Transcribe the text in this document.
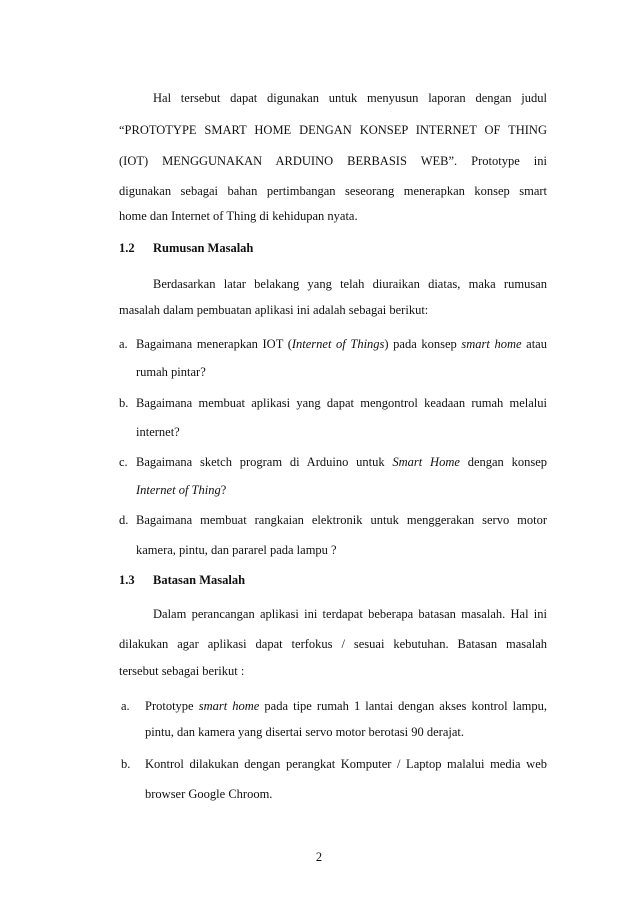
Hal tersebut dapat digunakan untuk menyusun laporan dengan judul
“PROTOTYPE SMART HOME DENGAN KONSEP INTERNET OF THING
(IOT) MENGGUNAKAN ARDUINO BERBASIS WEB”. Prototype ini
digunakan sebagai bahan pertimbangan seseorang menerapkan konsep smart
home dan Internet of Thing di kehidupan nyata.
1.2 Rumusan Masalah
Berdasarkan latar belakang yang telah diuraikan diatas, maka rumusan
masalah dalam pembuatan aplikasi ini adalah sebagai berikut:
a. Bagaimana menerapkan IOT (Internet of Things) pada konsep smart home atau
rumah pintar?
b. Bagaimana membuat aplikasi yang dapat mengontrol keadaan rumah melalui
internet?
c. Bagaimana sketch program di Arduino untuk Smart Home dengan konsep
Internet of Thing?
d. Bagaimana membuat rangkaian elektronik untuk menggerakan servo motor
kamera, pintu, dan pararel pada lampu ?
1.3 Batasan Masalah
Dalam perancangan aplikasi ini terdapat beberapa batasan masalah. Hal ini
dilakukan agar aplikasi dapat terfokus / sesuai kebutuhan. Batasan masalah
tersebut sebagai berikut :
a.	Prototype smart home pada tipe rumah 1 lantai dengan akses kontrol lampu,
pintu, dan kamera yang disertai servo motor berotasi 90 derajat.
b.	Kontrol dilakukan dengan perangkat Komputer / Laptop malalui media web
browser Google Chroom.
2
